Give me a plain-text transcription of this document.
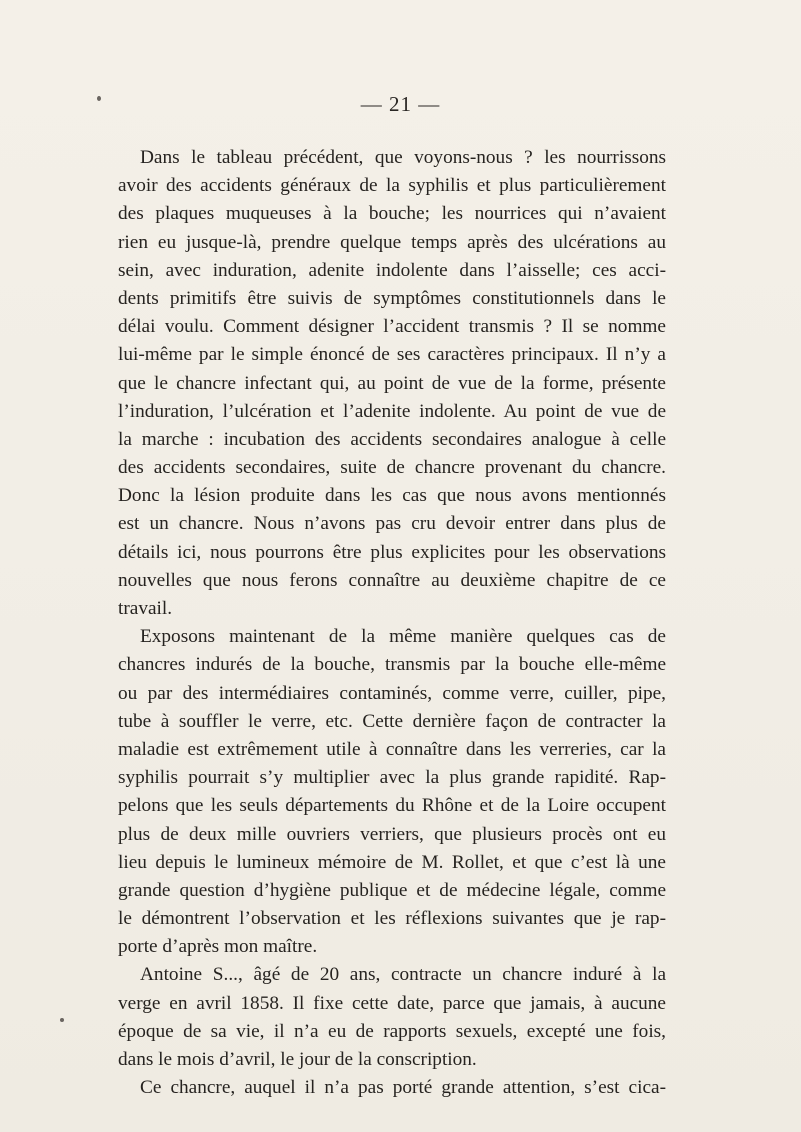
— 21 —
Dans le tableau précédent, que voyons-nous ? les nourrissons
avoir des accidents généraux de la syphilis et plus particulièrement
des plaques muqueuses à la bouche; les nourrices qui n’avaient
rien eu jusque-là, prendre quelque temps après des ulcérations au
sein, avec induration, adenite indolente dans l’aisselle; ces acci-
dents primitifs être suivis de symptômes constitutionnels dans le
délai voulu. Comment désigner l’accident transmis ? Il se nomme
lui-même par le simple énoncé de ses caractères principaux. Il n’y a
que le chancre infectant qui, au point de vue de la forme, présente
l’induration, l’ulcération et l’adenite indolente. Au point de vue de
la marche : incubation des accidents secondaires analogue à celle
des accidents secondaires, suite de chancre provenant du chancre.
Donc la lésion produite dans les cas que nous avons mentionnés
est un chancre. Nous n’avons pas cru devoir entrer dans plus de
détails ici, nous pourrons être plus explicites pour les observations
nouvelles que nous ferons connaître au deuxième chapitre de ce
travail.
Exposons maintenant de la même manière quelques cas de
chancres indurés de la bouche, transmis par la bouche elle-même
ou par des intermédiaires contaminés, comme verre, cuiller, pipe,
tube à souffler le verre, etc. Cette dernière façon de contracter la
maladie est extrêmement utile à connaître dans les verreries, car la
syphilis pourrait s’y multiplier avec la plus grande rapidité. Rap-
pelons que les seuls départements du Rhône et de la Loire occupent
plus de deux mille ouvriers verriers, que plusieurs procès ont eu
lieu depuis le lumineux mémoire de M. Rollet, et que c’est là une
grande question d’hygiène publique et de médecine légale, comme
le démontrent l’observation et les réflexions suivantes que je rap-
porte d’après mon maître.
Antoine S..., âgé de 20 ans, contracte un chancre induré à la
verge en avril 1858. Il fixe cette date, parce que jamais, à aucune
époque de sa vie, il n’a eu de rapports sexuels, excepté une fois,
dans le mois d’avril, le jour de la conscription.
Ce chancre, auquel il n’a pas porté grande attention, s’est cica-
